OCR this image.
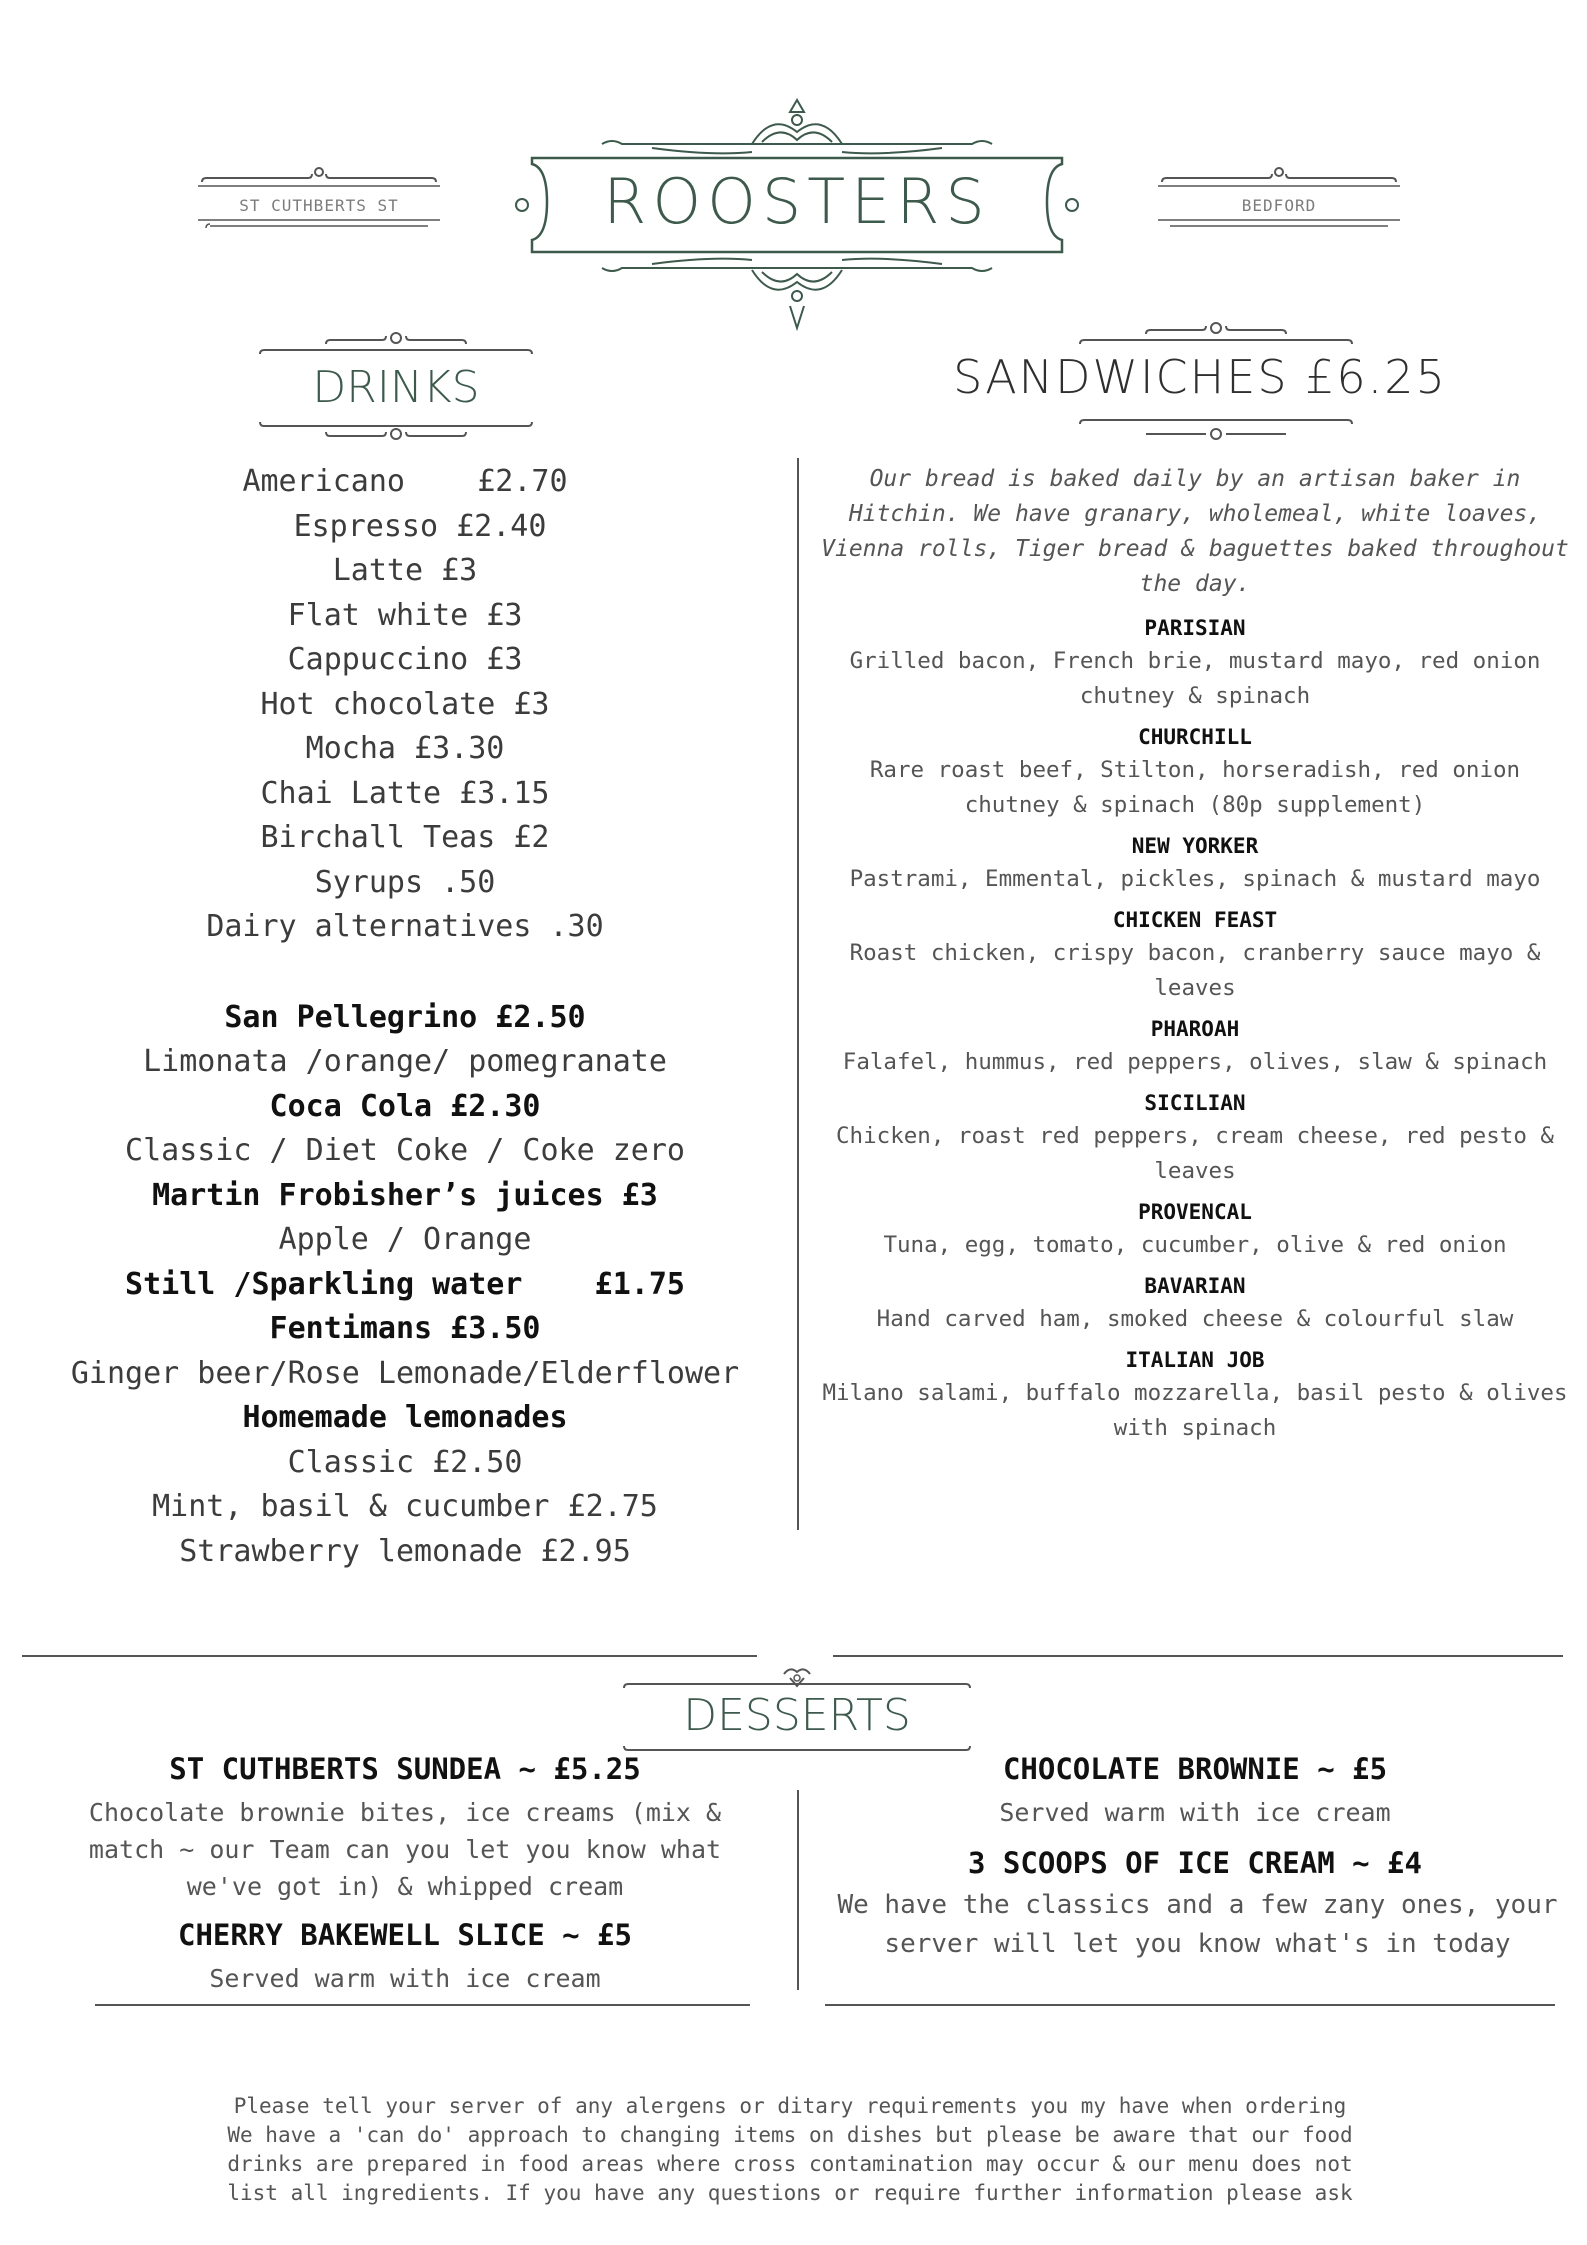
ST CUTHBERTS ST	BEDFORD
ROOSTERS
DRINKS	SANDWICHES £6.25
Americano    £2.70
Espresso £2.40
Latte £3
Flat white £3
Cappuccino £3
Hot chocolate £3
Mocha £3.30
Chai Latte £3.15
Birchall Teas £2
Syrups .50
Dairy alternatives .30
San Pellegrino £2.50
Limonata /orange/ pomegranate
Coca Cola £2.30
Classic / Diet Coke / Coke zero
Martin Frobisher’s juices £3
Apple / Orange
Still /Sparkling water    £1.75
Fentimans £3.50
Ginger beer/Rose Lemonade/Elderflower
Homemade lemonades
Classic £2.50
Mint, basil & cucumber £2.75
Strawberry lemonade £2.95
Our bread is baked daily by an artisan baker in Hitchin. We have granary, wholemeal, white loaves, Vienna rolls, Tiger bread & baguettes baked throughout the day.
PARISIAN
Grilled bacon, French brie, mustard mayo, red onion chutney & spinach
CHURCHILL
Rare roast beef, Stilton, horseradish, red onion chutney & spinach (80p supplement)
NEW YORKER
Pastrami, Emmental, pickles, spinach & mustard mayo
CHICKEN FEAST
Roast chicken, crispy bacon, cranberry sauce mayo & leaves
PHAROAH
Falafel, hummus, red peppers, olives, slaw & spinach
SICILIAN
Chicken, roast red peppers, cream cheese, red pesto & leaves
PROVENCAL
Tuna, egg, tomato, cucumber, olive & red onion
BAVARIAN
Hand carved ham, smoked cheese & colourful slaw
ITALIAN JOB
Milano salami, buffalo mozzarella, basil pesto & olives with spinach
DESSERTS
ST CUTHBERTS SUNDEA ~ £5.25
Chocolate brownie bites, ice creams (mix & match ~ our Team can you let you know what we've got in) & whipped cream
CHERRY BAKEWELL SLICE ~ £5
Served warm with ice cream
CHOCOLATE BROWNIE ~ £5
Served warm with ice cream
3 SCOOPS OF ICE CREAM ~ £4
We have the classics and a few zany ones, your server will let you know what's in today
Please tell your server of any alergens or ditary requirements you my have when ordering
We have a 'can do' approach to changing items on dishes but please be aware that our food
drinks are prepared in food areas where cross contamination may occur & our menu does not
list all ingredients. If you have any questions or require further information please ask
